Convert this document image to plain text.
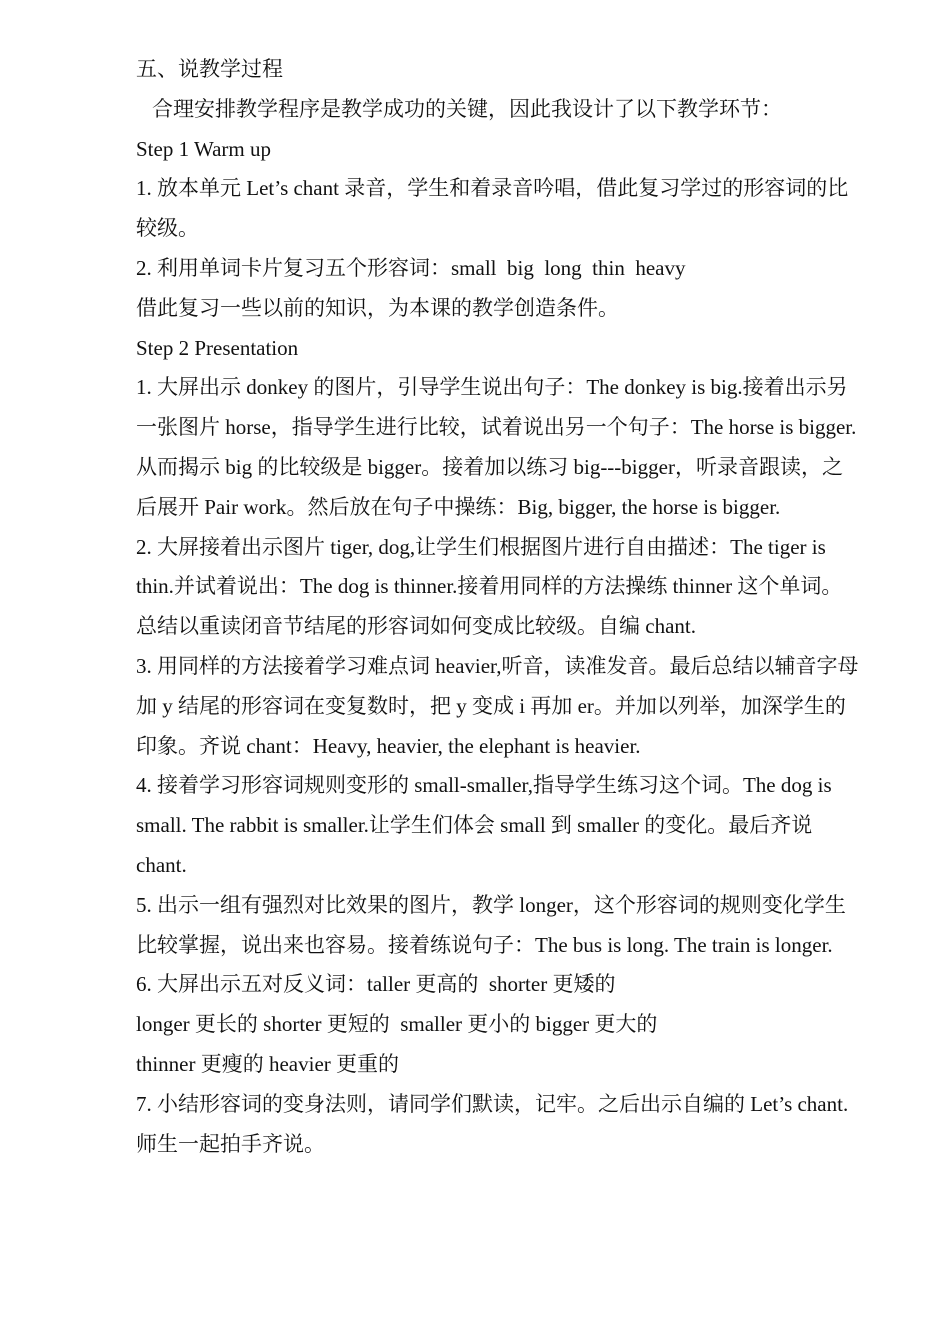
五、说教学过程

合理安排教学程序是教学成功的关键，因此我设计了以下教学环节：

Step 1 Warm up

1. 放本单元 Let’s chant 录音，学生和着录音吟唱，借此复习学过的形容词的比较级。

2. 利用单词卡片复习五个形容词：small  big  long  thin  heavy

借此复习一些以前的知识，为本课的教学创造条件。

Step 2 Presentation

1. 大屏出示 donkey 的图片，引导学生说出句子：The donkey is big.接着出示另一张图片 horse，指导学生进行比较，试着说出另一个句子：The horse is bigger.从而揭示 big 的比较级是 bigger。接着加以练习 big---bigger，听录音跟读，之后展开 Pair work。然后放在句子中操练：Big, bigger, the horse is bigger.

2. 大屏接着出示图片 tiger, dog,让学生们根据图片进行自由描述：The tiger is thin.并试着说出：The dog is thinner.接着用同样的方法操练 thinner 这个单词。总结以重读闭音节结尾的形容词如何变成比较级。自编 chant.

3. 用同样的方法接着学习难点词 heavier,听音，读准发音。最后总结以辅音字母加 y 结尾的形容词在变复数时，把 y 变成 i 再加 er。并加以列举，加深学生的印象。齐说 chant：Heavy, heavier, the elephant is heavier.

4. 接着学习形容词规则变形的 small-smaller,指导学生练习这个词。The dog is small. The rabbit is smaller.让学生们体会 small 到 smaller 的变化。最后齐说 chant.

5. 出示一组有强烈对比效果的图片，教学 longer，这个形容词的规则变化学生比较掌握，说出来也容易。接着练说句子：The bus is long. The train is longer.

6. 大屏出示五对反义词：taller 更高的  shorter 更矮的

longer 更长的 shorter 更短的  smaller 更小的 bigger 更大的

thinner 更瘦的 heavier 更重的

7. 小结形容词的变身法则，请同学们默读，记牢。之后出示自编的 Let’s chant. 师生一起拍手齐说。
